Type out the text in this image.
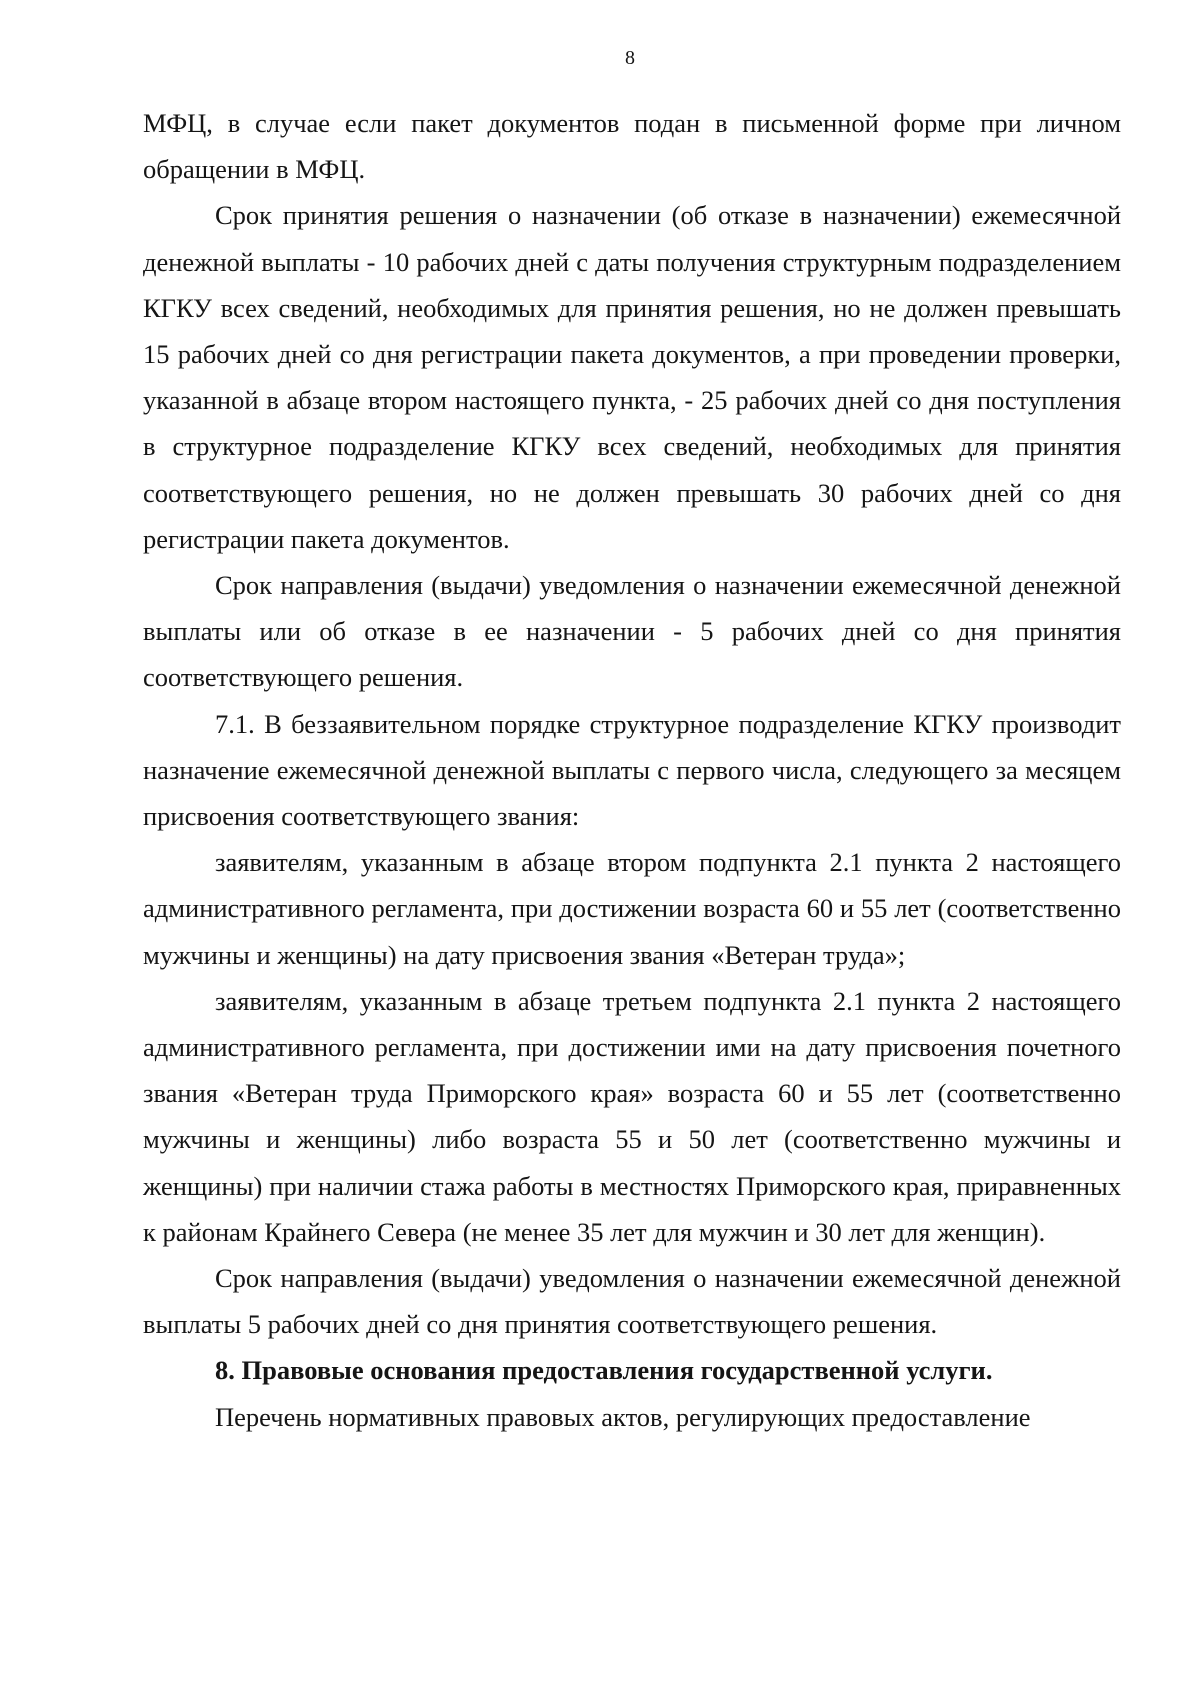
8

МФЦ, в случае если пакет документов подан в письменной форме при личном обращении в МФЦ.

Срок принятия решения о назначении (об отказе в назначении) ежемесячной денежной выплаты - 10 рабочих дней с даты получения структурным подразделением КГКУ всех сведений, необходимых для принятия решения, но не должен превышать 15 рабочих дней со дня регистрации пакета документов, а при проведении проверки, указанной в абзаце втором настоящего пункта, - 25 рабочих дней со дня поступления в структурное подразделение КГКУ всех сведений, необходимых для принятия соответствующего решения, но не должен превышать 30 рабочих дней со дня регистрации пакета документов.

Срок направления (выдачи) уведомления о назначении ежемесячной денежной выплаты или об отказе в ее назначении - 5 рабочих дней со дня принятия соответствующего решения.

7.1. В беззаявительном порядке структурное подразделение КГКУ производит назначение ежемесячной денежной выплаты с первого числа, следующего за месяцем присвоения соответствующего звания:

заявителям, указанным в абзаце втором подпункта 2.1 пункта 2 настоящего административного регламента, при достижении возраста 60 и 55 лет (соответственно мужчины и женщины) на дату присвоения звания «Ветеран труда»;

заявителям, указанным в абзаце третьем подпункта 2.1 пункта 2 настоящего административного регламента, при достижении ими на дату присвоения почетного звания «Ветеран труда Приморского края» возраста 60 и 55 лет (соответственно мужчины и женщины) либо возраста 55 и 50 лет (соответственно мужчины и женщины) при наличии стажа работы в местностях Приморского края, приравненных к районам Крайнего Севера (не менее 35 лет для мужчин и 30 лет для женщин).

Срок направления (выдачи) уведомления о назначении ежемесячной денежной выплаты 5 рабочих дней со дня принятия соответствующего решения.

8. Правовые основания предоставления государственной услуги.

Перечень нормативных правовых актов, регулирующих предоставление
